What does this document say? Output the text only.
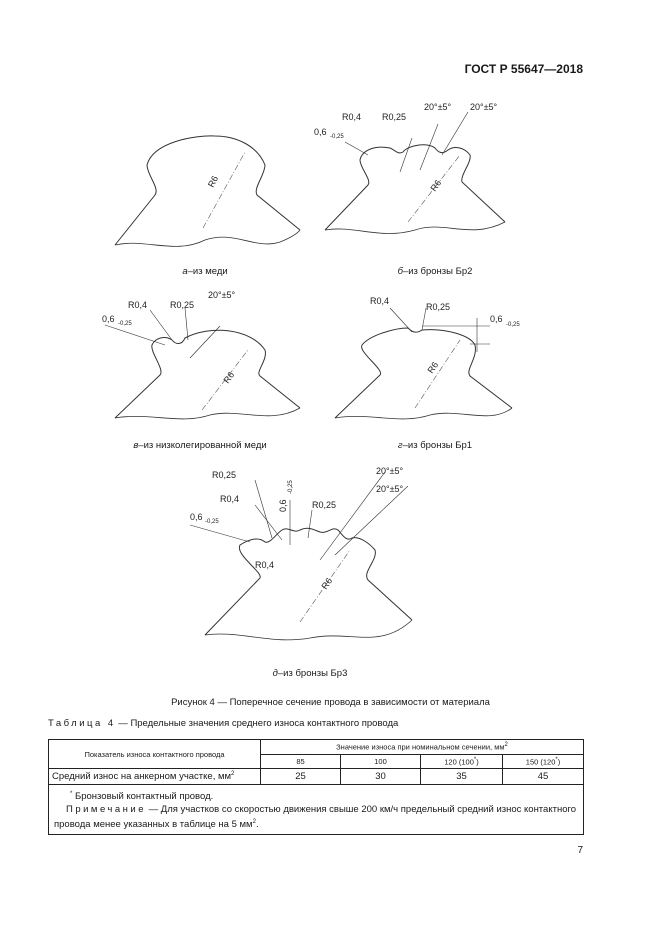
ГОСТ Р 55647—2018
R6
а–из меди
R0,4 R0,25
20°±5° 20°±5°
0,6 -0,25
R6
б–из бронзы Бр2
R0,4	R0,25
20°±5°
0,6 -0,25
R6
в–из низколегированной меди
R0,4
R0,25
0,6
-0,25
R6
г–из бронзы Бр1
R0,25
R0,4
0,6
-0,25
R0,25
20°±5°
20°±5°
0,6 -0,25
R0,4
R6
д–из бронзы Бр3
Рисунок 4 — Поперечное сечение провода в зависимости от материала
Таблица 4 — Предельные значения среднего износа контактного провода
Показатель износа контактного провода	Значение износа при номинальном сечении, $мм^2$
	85	100	120 (100*)	150 (120*)
Средний износ на анкерном участке, $мм^2$	25	30	35	45

* Бронзовый контактный провод.
Примечание — Для участков со скоростью движения свыше 200 км/ч предельный средний износ контактного провода менее указанных в таблице на 5 $мм^2$.				
7
